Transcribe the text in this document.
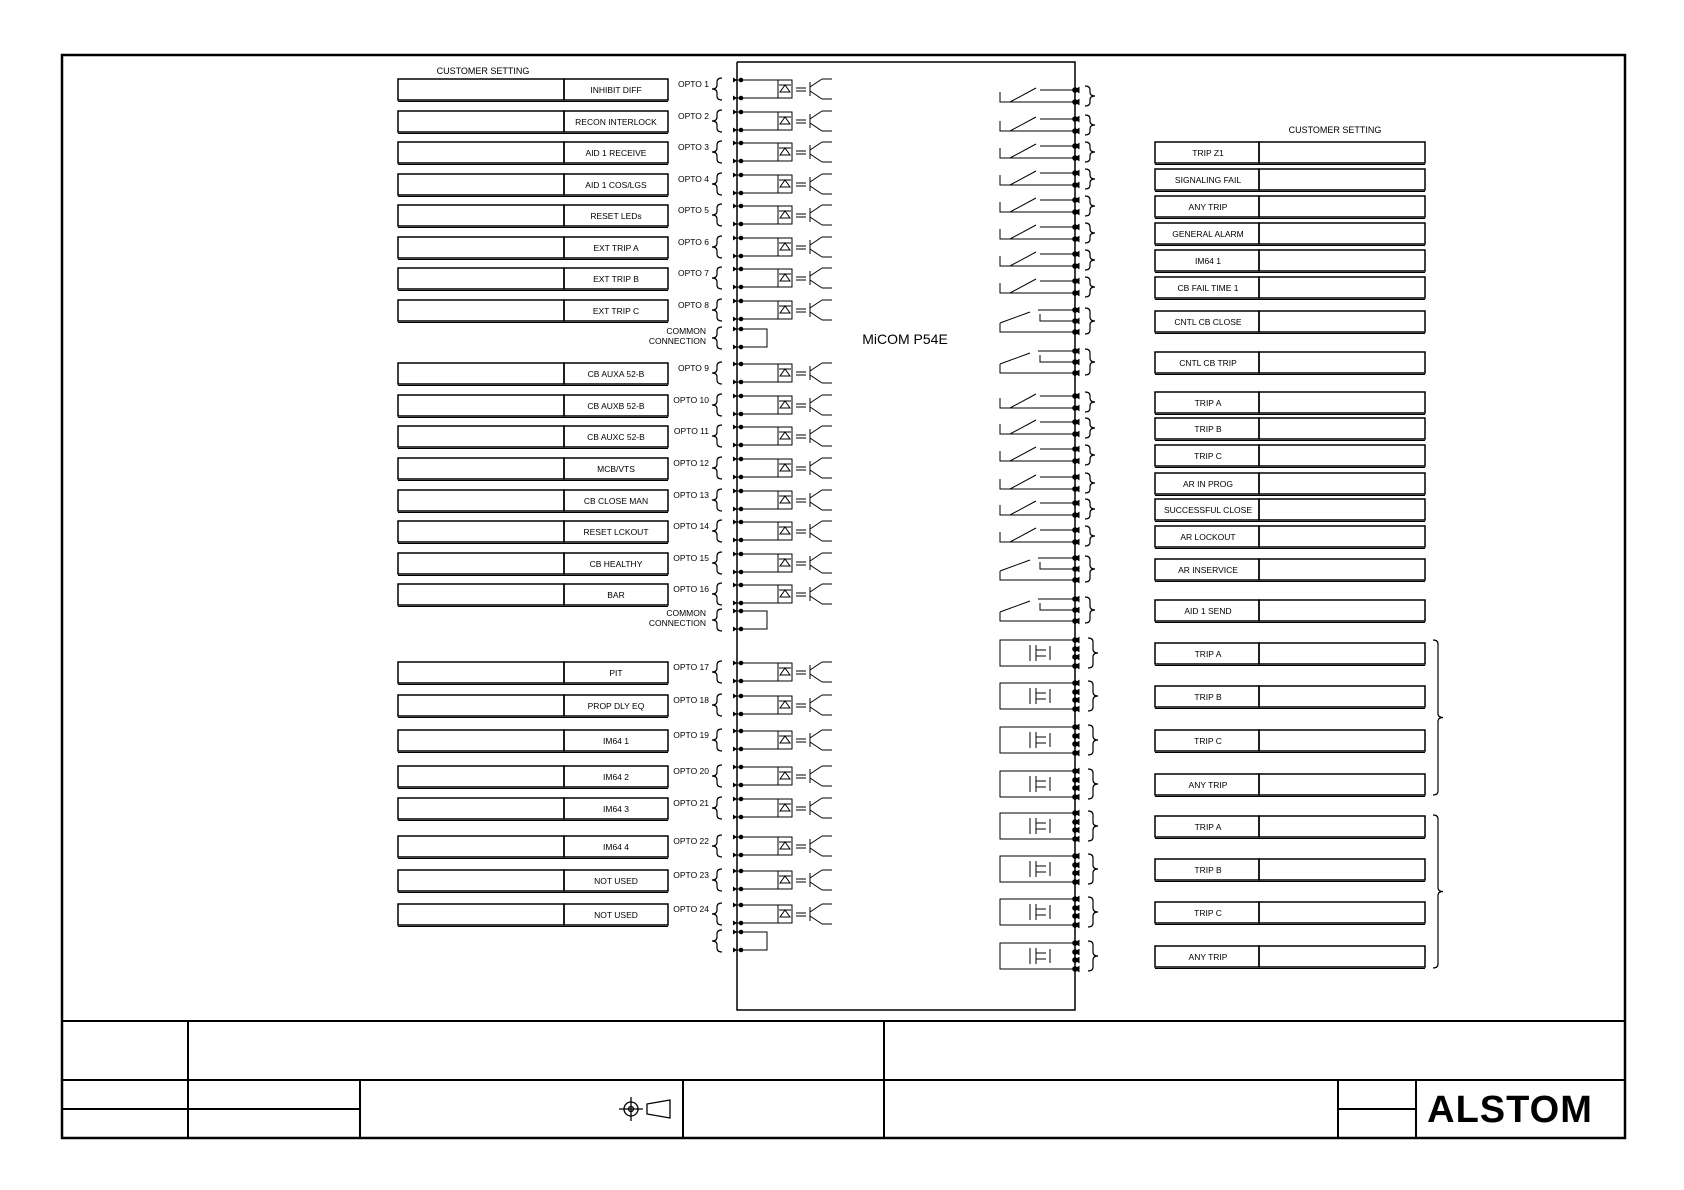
ALSTOM
MiCOM P54E
CUSTOMER SETTING
CUSTOMER SETTING
INHIBIT DIFF
OPTO 1
RECON INTERLOCK
OPTO 2
AID 1 RECEIVE
OPTO 3
AID 1 COS/LGS
OPTO 4
RESET LEDs
OPTO 5
EXT TRIP A
OPTO 6
EXT TRIP B
OPTO 7
EXT TRIP C
OPTO 8
CB AUXA 52-B
OPTO 9
CB AUXB 52-B
OPTO 10
CB AUXC 52-B
OPTO 11
MCB/VTS
OPTO 12
CB CLOSE MAN
OPTO 13
RESET LCKOUT
OPTO 14
CB HEALTHY
OPTO 15
BAR
OPTO 16
PIT
OPTO 17
PROP DLY EQ
OPTO 18
IM64 1
OPTO 19
IM64 2
OPTO 20
IM64 3
OPTO 21
IM64 4
OPTO 22
NOT USED
OPTO 23
NOT USED
OPTO 24
COMMON
CONNECTION
COMMON
CONNECTION
TRIP Z1
SIGNALING FAIL
ANY TRIP
GENERAL ALARM
IM64 1
CB FAIL TIME 1
CNTL CB CLOSE
CNTL CB TRIP
TRIP A
TRIP B
TRIP C
AR IN PROG
SUCCESSFUL CLOSE
AR LOCKOUT
AR INSERVICE
AID 1 SEND
TRIP A
TRIP B
TRIP C
ANY TRIP
TRIP A
TRIP B
TRIP C
ANY TRIP
